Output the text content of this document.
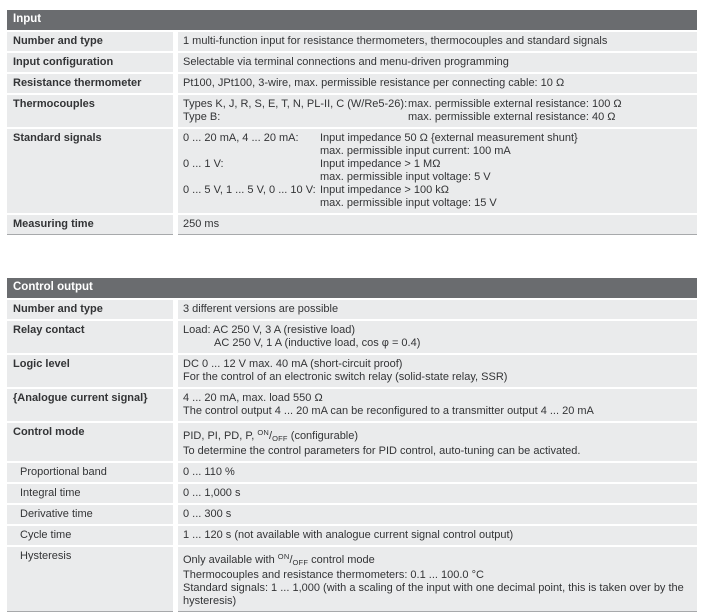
Input
Number and type	1 multi-function input for resistance thermometers, thermocouples and standard signals
Input configuration	Selectable via terminal connections and menu-driven programming
Resistance thermometer	Pt100, JPt100, 3-wire, max. permissible resistance per connecting cable: 10 Ω
Thermocouples	Types K, J, R, S, E, T, N, PL-II, C (W/Re5-26): max. permissible external resistance: 100 Ω
Type B:	max. permissible external resistance: 40 Ω
Standard signals	0 ... 20 mA, 4 ... 20 mA:	Input impedance 50 Ω {external measurement shunt}
max. permissible input current: 100 mA
0 ... 1 V:	Input impedance > 1 MΩ
max. permissible input voltage: 5 V
0 ... 5 V, 1 ... 5 V, 0 ... 10 V: Input impedance > 100 kΩ
max. permissible input voltage: 15 V
Measuring time	250 ms
Control output
Number and type	3 different versions are possible
Relay contact	Load: AC 250 V, 3 A (resistive load)
AC 250 V, 1 A (inductive load, cos φ = 0.4)
Logic level	DC 0 ... 12 V max. 40 mA (short-circuit proof)
For the control of an electronic switch relay (solid-state relay, SSR)
{Analogue current signal}	4 ... 20 mA, max. load 550 Ω
The control output 4 ... 20 mA can be reconfigured to a transmitter output 4 ... 20 mA
Control mode	PID, PI, PD, P, $^{ON}$/OFF (configurable)
To determine the control parameters for PID control, auto-tuning can be activated.
Proportional band	0 ... 110 %
Integral time	0 ... 1,000 s
Derivative time	0 ... 300 s
Cycle time	1 ... 120 s (not available with analogue current signal control output)
Hysteresis	Only available with $^{ON}$/OFF control mode
Thermocouples and resistance thermometers: 0.1 ... 100.0 °C
Standard signals: 1 ... 1,000 (with a scaling of the input with one decimal point, this is taken over by the hysteresis)
